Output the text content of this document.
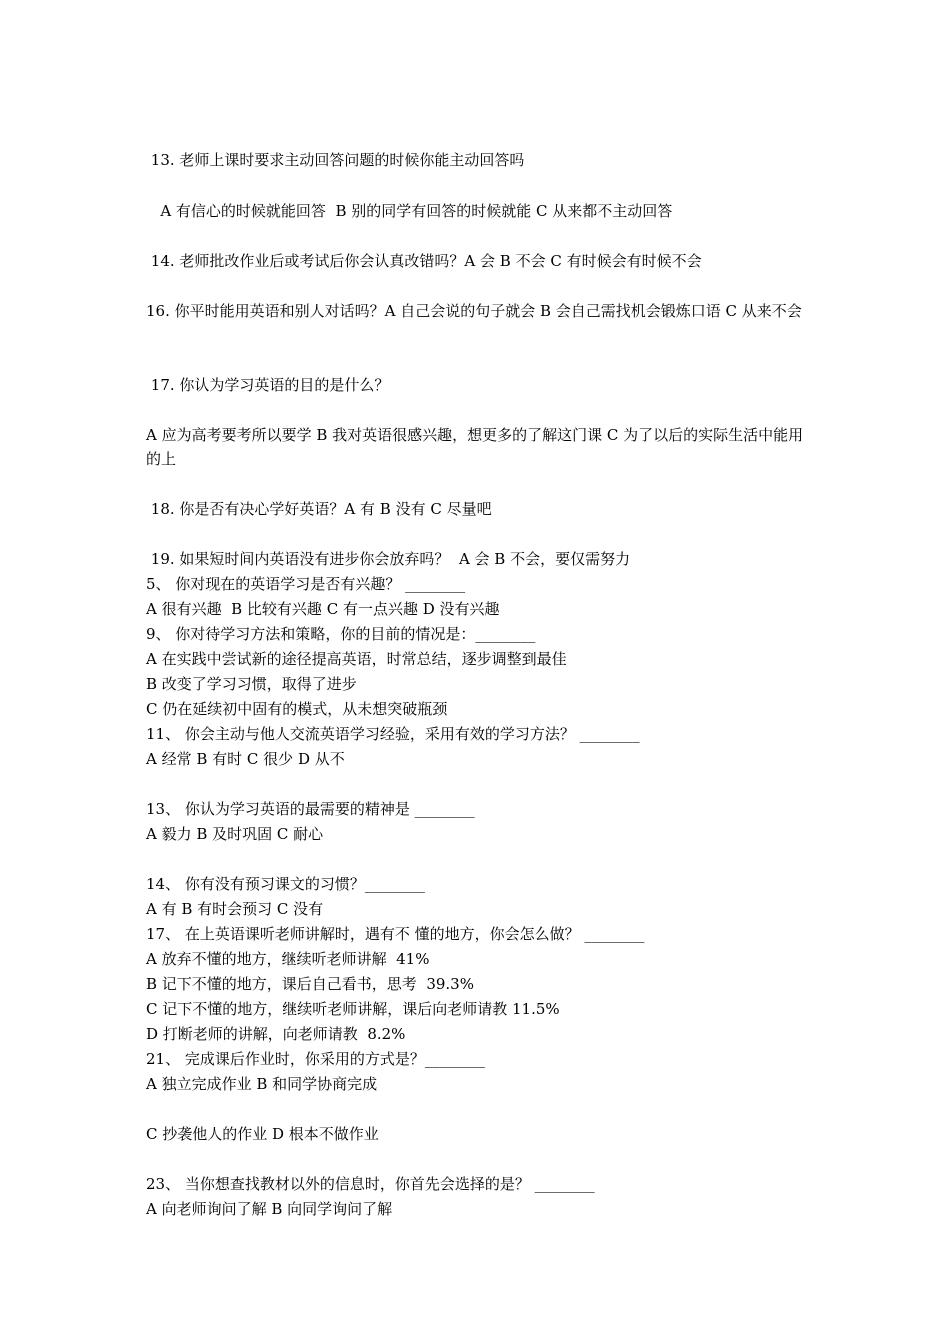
13. 老师上课时要求主动回答问题的时候你能主动回答吗
A 有信心的时候就能回答  B 别的同学有回答的时候就能 C 从来都不主动回答
14. 老师批改作业后或考试后你会认真改错吗？A 会 B 不会 C 有时候会有时候不会
16. 你平时能用英语和别人对话吗？A 自己会说的句子就会 B 会自己需找机会锻炼口语 C 从来不会
17. 你认为学习英语的目的是什么？
A 应为高考要考所以要学 B 我对英语很感兴趣，想更多的了解这门课 C 为了以后的实际生活中能用的上
18. 你是否有决心学好英语？A 有 B 没有 C 尽量吧
19. 如果短时间内英语没有进步你会放弃吗？  A 会 B 不会，要仅需努力
5、 你对现在的英语学习是否有兴趣？ ________
A 很有兴趣  B 比较有兴趣 C 有一点兴趣 D 没有兴趣
9、 你对待学习方法和策略，你的目前的情况是：________
A 在实践中尝试新的途径提高英语，时常总结，逐步调整到最佳
B 改变了学习习惯，取得了进步
C 仍在延续初中固有的模式，从未想突破瓶颈
11、 你会主动与他人交流英语学习经验，采用有效的学习方法？ ________
A 经常 B 有时 C 很少 D 从不
13、 你认为学习英语的最需要的精神是 ________
A 毅力 B 及时巩固 C 耐心
14、 你有没有预习课文的习惯？________
A 有 B 有时会预习 C 没有
17、 在上英语课听老师讲解时，遇有不 懂的地方，你会怎么做？ ________
A 放弃不懂的地方，继续听老师讲解  41%
B 记下不懂的地方，课后自己看书，思考  39.3%
C 记下不懂的地方，继续听老师讲解，课后向老师请教 11.5%
D 打断老师的讲解，向老师请教  8.2%
21、 完成课后作业时，你采用的方式是？________
A 独立完成作业 B 和同学协商完成
C 抄袭他人的作业 D 根本不做作业
23、 当你想查找教材以外的信息时，你首先会选择的是？ ________
A 向老师询问了解 B 向同学询问了解
